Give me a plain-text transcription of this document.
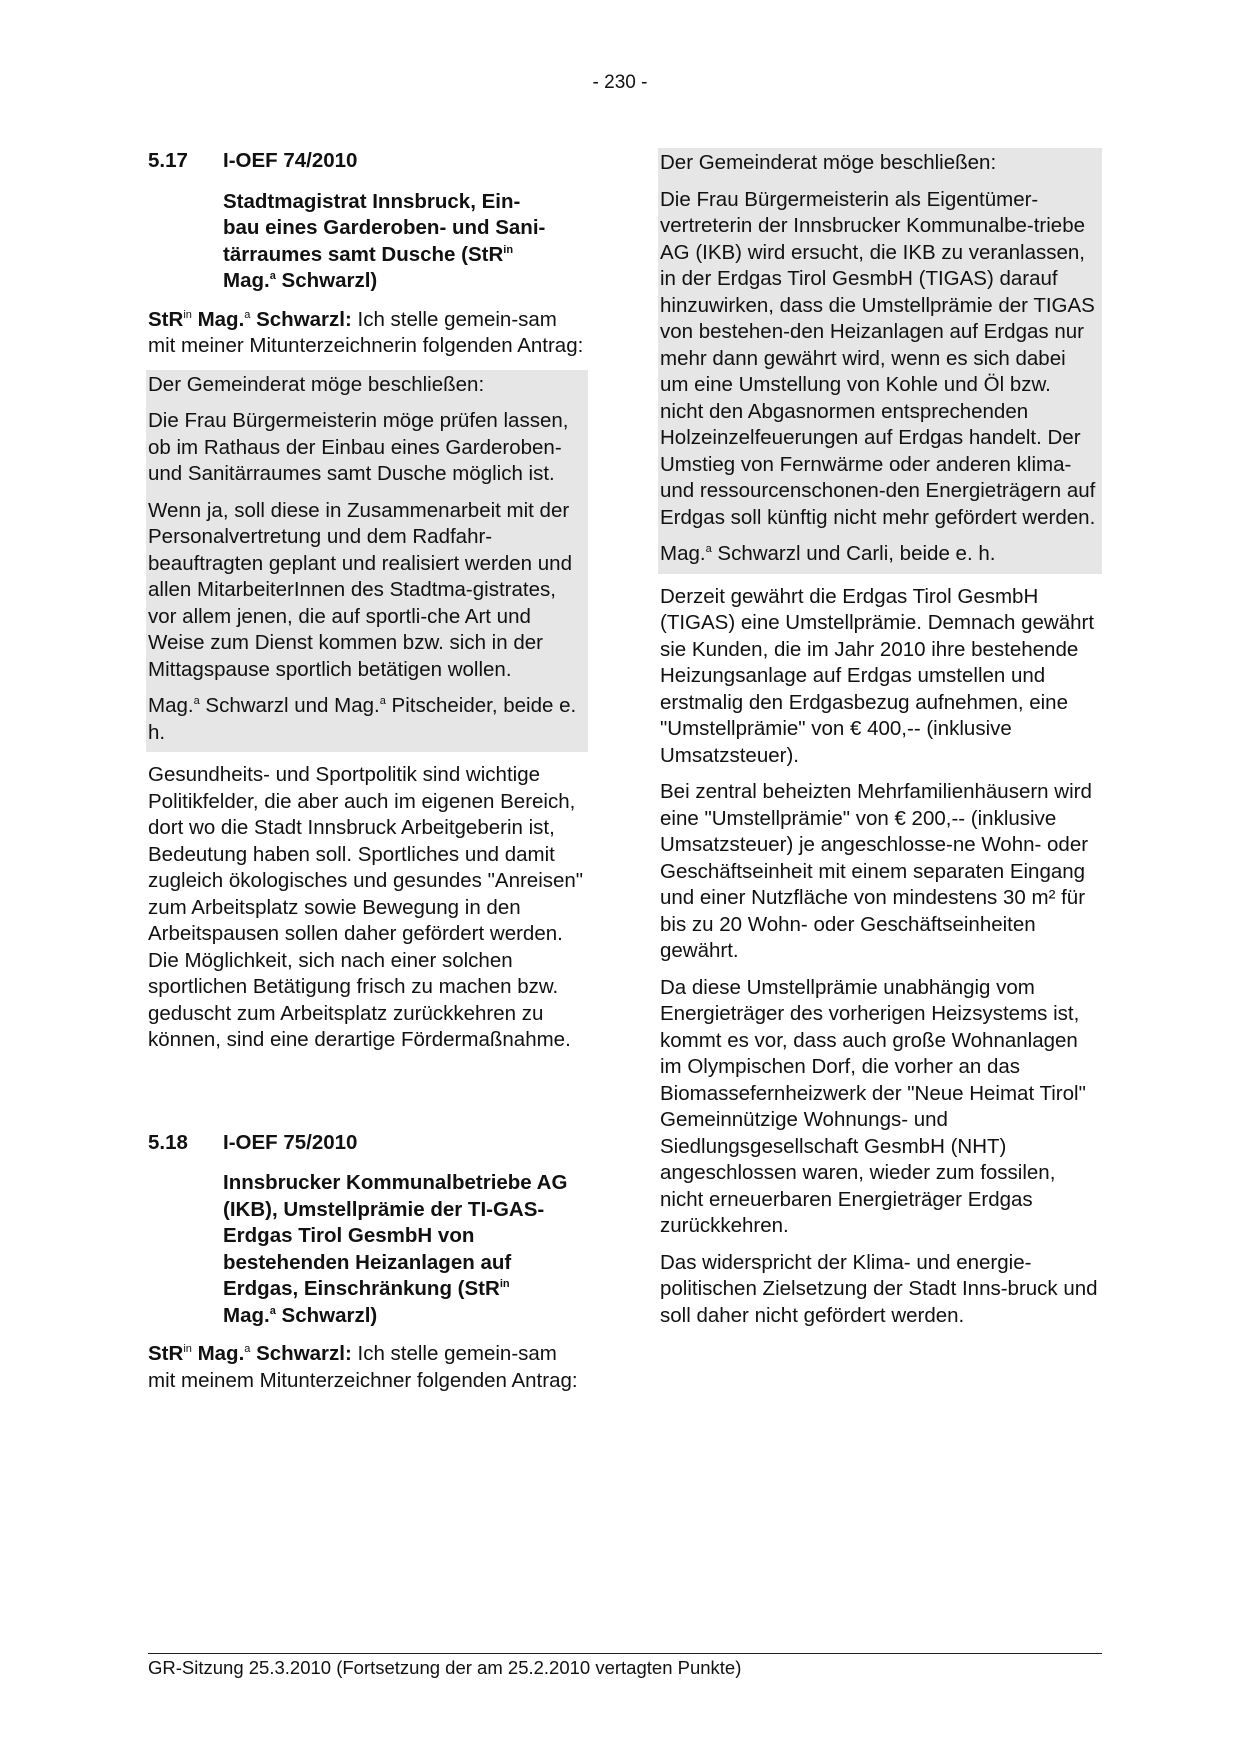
- 230 -
5.17	I-OEF 74/2010
Stadtmagistrat Innsbruck, Ein-
bau eines Garderoben- und Sani-
tärraumes samt Dusche (StR$^{in}$
Mag.$^a$ Schwarzl)

StR$^{in}$ Mag.$^a$ Schwarzl: Ich stelle gemein-sam mit meiner Mitunterzeichnerin folgenden Antrag:

Der Gemeinderat möge beschließen:

Die Frau Bürgermeisterin möge prüfen lassen, ob im Rathaus der Einbau eines Garderoben- und Sanitärraumes samt Dusche möglich ist.

Wenn ja, soll diese in Zusammenarbeit mit der Personalvertretung und dem Radfahr-beauftragten geplant und realisiert werden und allen MitarbeiterInnen des Stadtma-gistrates, vor allem jenen, die auf sportli-che Art und Weise zum Dienst kommen bzw. sich in der Mittagspause sportlich betätigen wollen.

Mag.$^a$ Schwarzl und Mag.$^a$ Pitscheider, beide e. h.

Gesundheits- und Sportpolitik sind wichtige Politikfelder, die aber auch im eigenen Bereich, dort wo die Stadt Innsbruck Arbeitgeberin ist, Bedeutung haben soll. Sportliches und damit zugleich ökologisches und gesundes "Anreisen" zum Arbeitsplatz sowie Bewegung in den Arbeitspausen sollen daher gefördert werden. Die Möglichkeit, sich nach einer solchen sportlichen Betätigung frisch zu machen bzw. geduscht zum Arbeitsplatz zurückkehren zu können, sind eine derartige Fördermaßnahme.

5.18	I-OEF 75/2010
Innsbrucker Kommunalbetriebe AG (IKB), Umstellprämie der TI-GAS-Erdgas Tirol GesmbH von bestehenden Heizanlagen auf Erdgas, Einschränkung (StR$^{in}$
Mag.$^a$ Schwarzl)

StR$^{in}$ Mag.$^a$ Schwarzl: Ich stelle gemein-sam mit meinem Mitunterzeichner folgenden Antrag:

Der Gemeinderat möge beschließen:

Die Frau Bürgermeisterin als Eigentümer-vertreterin der Innsbrucker Kommunalbe-triebe AG (IKB) wird ersucht, die IKB zu veranlassen, in der Erdgas Tirol GesmbH (TIGAS) darauf hinzuwirken, dass die Umstellprämie der TIGAS von bestehen-den Heizanlagen auf Erdgas nur mehr dann gewährt wird, wenn es sich dabei um eine Umstellung von Kohle und Öl bzw. nicht den Abgasnormen entsprechenden Holzeinzelfeuerungen auf Erdgas handelt. Der Umstieg von Fernwärme oder anderen klima- und ressourcenschonen-den Energieträgern auf Erdgas soll künftig nicht mehr gefördert werden.

Mag.$^a$ Schwarzl und Carli, beide e. h.

Derzeit gewährt die Erdgas Tirol GesmbH (TIGAS) eine Umstellprämie. Demnach gewährt sie Kunden, die im Jahr 2010 ihre bestehende Heizungsanlage auf Erdgas umstellen und erstmalig den Erdgasbezug aufnehmen, eine "Umstellprämie" von € 400,-- (inklusive Umsatzsteuer).

Bei zentral beheizten Mehrfamilienhäusern wird eine "Umstellprämie" von € 200,-- (inklusive Umsatzsteuer) je angeschlosse-ne Wohn- oder Geschäftseinheit mit einem separaten Eingang und einer Nutzfläche von mindestens 30 m² für bis zu 20 Wohn- oder Geschäftseinheiten gewährt.

Da diese Umstellprämie unabhängig vom Energieträger des vorherigen Heizsystems ist, kommt es vor, dass auch große Wohnanlagen im Olympischen Dorf, die vorher an das Biomassefernheizwerk der "Neue Heimat Tirol" Gemeinnützige Wohnungs- und Siedlungsgesellschaft GesmbH (NHT) angeschlossen waren, wieder zum fossilen, nicht erneuerbaren Energieträger Erdgas zurückkehren.

Das widerspricht der Klima- und energie-politischen Zielsetzung der Stadt Inns-bruck und soll daher nicht gefördert werden.

GR-Sitzung 25.3.2010 (Fortsetzung der am 25.2.2010 vertagten Punkte)
